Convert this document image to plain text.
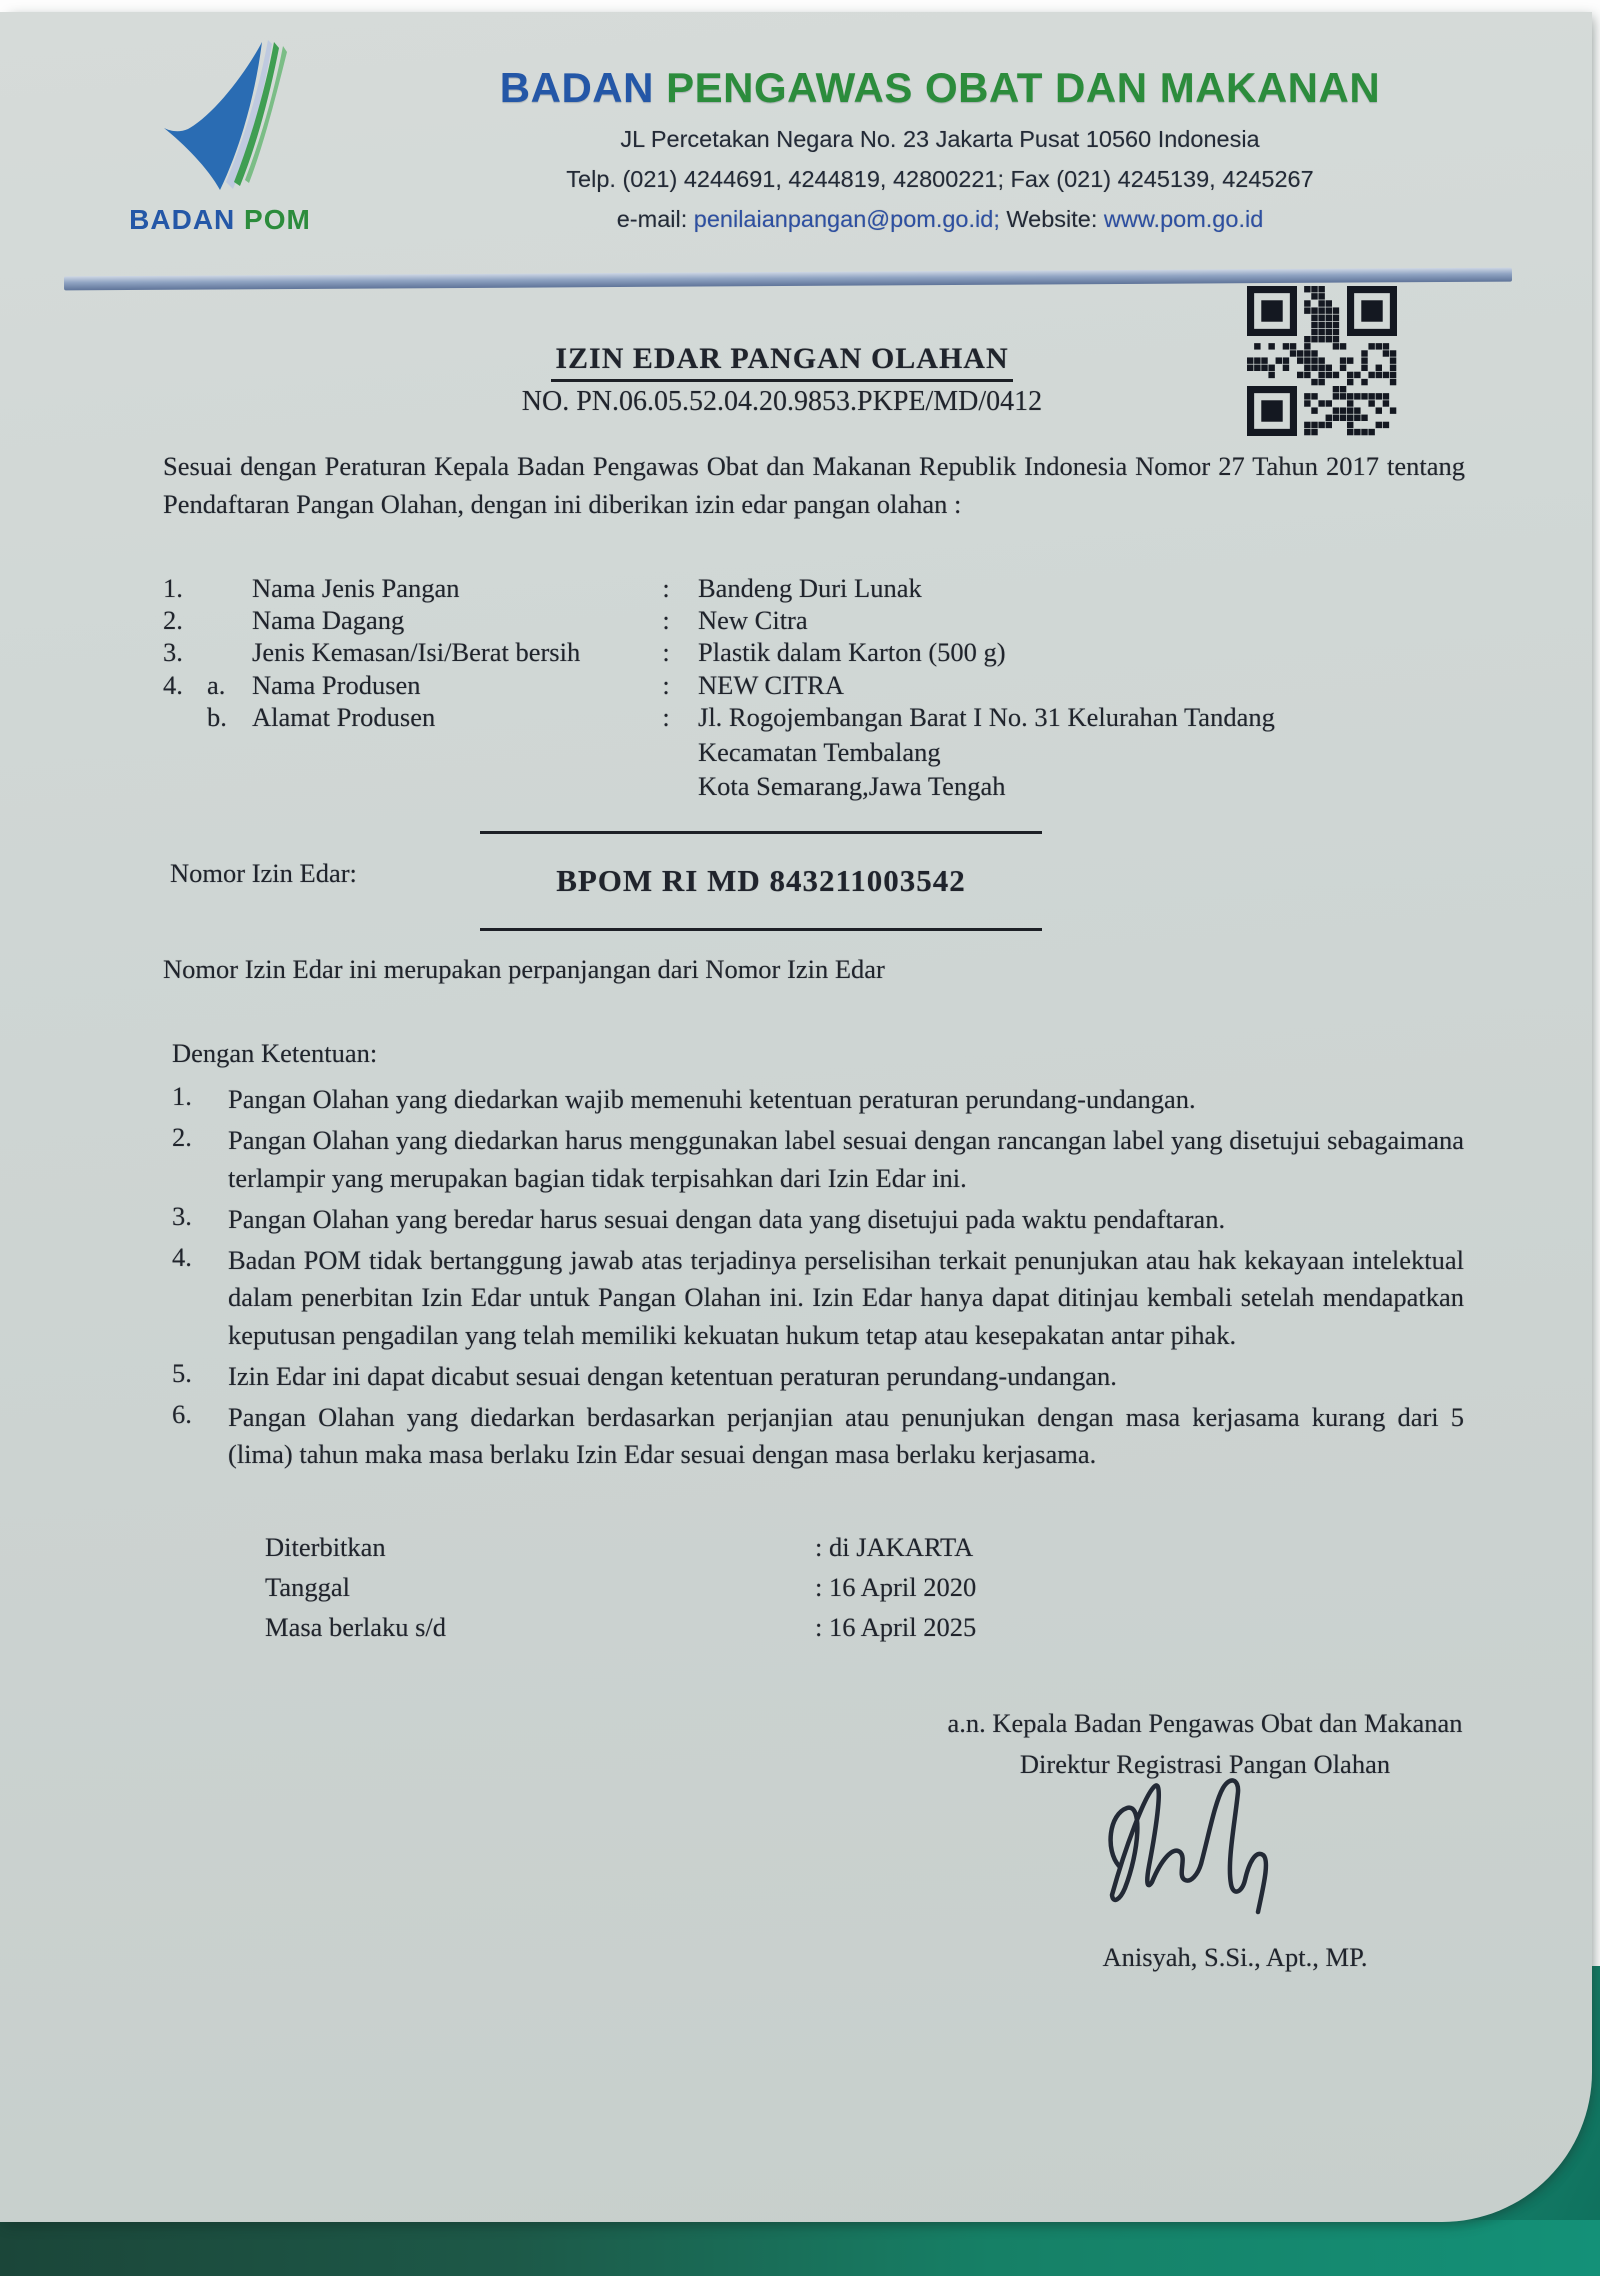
BADAN POM
BADAN PENGAWAS OBAT DAN MAKANAN
JL Percetakan Negara No. 23 Jakarta Pusat 10560 Indonesia
Telp. (021) 4244691, 4244819, 42800221; Fax (021) 4245139, 4245267
e-mail: penilaianpangan@pom.go.id; Website: www.pom.go.id
IZIN EDAR PANGAN OLAHAN
NO. PN.06.05.52.04.20.9853.PKPE/MD/0412
Sesuai dengan Peraturan Kepala Badan Pengawas Obat dan Makanan Republik Indonesia Nomor 27 Tahun 2017 tentang Pendaftaran Pangan Olahan, dengan ini diberikan izin edar pangan olahan :
1.	Nama Jenis Pangan	:	Bandeng Duri Lunak
2.	Nama Dagang	:	New Citra
3.	Jenis Kemasan/Isi/Berat bersih	:	Plastik dalam Karton (500 g)
4. a.	Nama Produsen	:	NEW CITRA
b. Alamat Produsen	:	Jl. Rogojembangan Barat I No. 31 Kelurahan Tandang
Kecamatan Tembalang
Kota Semarang,Jawa Tengah
Nomor Izin Edar:	BPOM RI MD 843211003542
Nomor Izin Edar ini merupakan perpanjangan dari Nomor Izin Edar
Dengan Ketentuan:
1.	Pangan Olahan yang diedarkan wajib memenuhi ketentuan peraturan perundang-undangan.
2.	Pangan Olahan yang diedarkan harus menggunakan label sesuai dengan rancangan label yang disetujui sebagaimana terlampir yang merupakan bagian tidak terpisahkan dari Izin Edar ini.
3.	Pangan Olahan yang beredar harus sesuai dengan data yang disetujui pada waktu pendaftaran.
4.	Badan POM tidak bertanggung jawab atas terjadinya perselisihan terkait penunjukan atau hak kekayaan intelektual dalam penerbitan Izin Edar untuk Pangan Olahan ini. Izin Edar hanya dapat ditinjau kembali setelah mendapatkan keputusan pengadilan yang telah memiliki kekuatan hukum tetap atau kesepakatan antar pihak.
5.	Izin Edar ini dapat dicabut sesuai dengan ketentuan peraturan perundang-undangan.
6.	Pangan Olahan yang diedarkan berdasarkan perjanjian atau penunjukan dengan masa kerjasama kurang dari 5 (lima) tahun maka masa berlaku Izin Edar sesuai dengan masa berlaku kerjasama.
Diterbitkan	: di JAKARTA
Tanggal	: 16 April 2020
Masa berlaku s/d	: 16 April 2025
a.n. Kepala Badan Pengawas Obat dan Makanan
Direktur Registrasi Pangan Olahan
Anisyah, S.Si., Apt., MP.
